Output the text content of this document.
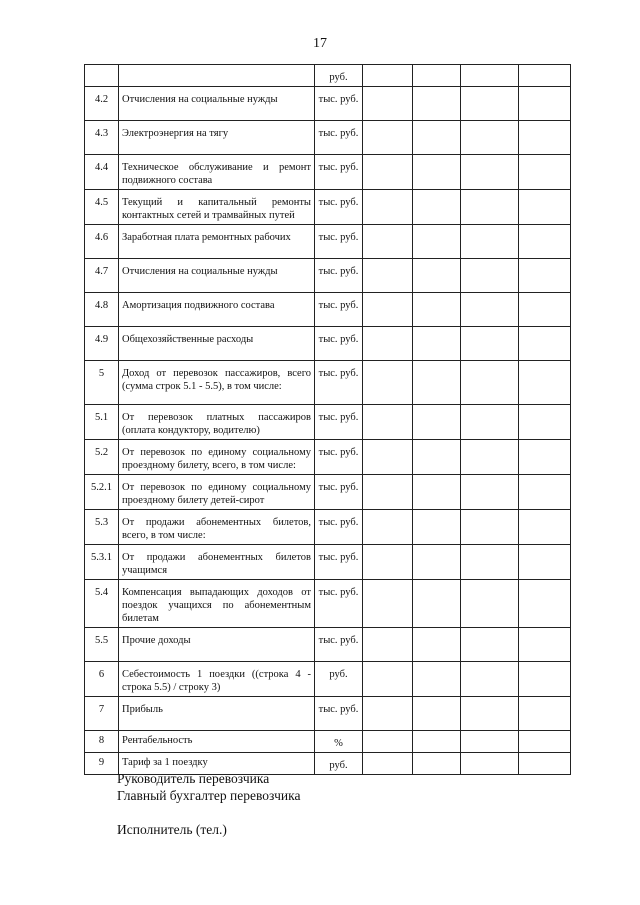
17
		руб.				
4.2	Отчисления на социальные нужды	тыс. руб.				
4.3	Электроэнергия на тягу	тыс. руб.				
4.4	Техническое обслуживание и ремонт подвижного состава	тыс. руб.				
4.5	Текущий и капитальный ремонты контактных сетей и трамвайных путей	тыс. руб.				
4.6	Заработная плата ремонтных рабочих	тыс. руб.				
4.7	Отчисления на социальные нужды	тыс. руб.				
4.8	Амортизация подвижного состава	тыс. руб.				
4.9	Общехозяйственные расходы	тыс. руб.				
5	Доход от перевозок пассажиров, всего (сумма строк 5.1 - 5.5), в том числе:	тыс. руб.				
5.1	От перевозок платных пассажиров (оплата кондуктору, водителю)	тыс. руб.				
5.2	От перевозок по единому социальному проездному билету, всего, в том числе:	тыс. руб.				
5.2.1	От перевозок по единому социальному проездному билету детей-сирот	тыс. руб.				
5.3	От продажи абонементных билетов, всего, в том числе:	тыс. руб.				
5.3.1	От продажи абонементных билетов учащимся	тыс. руб.				
5.4	Компенсация выпадающих доходов от поездок учащихся по абонементным билетам	тыс. руб.				
5.5	Прочие доходы	тыс. руб.				
6	Себестоимость 1 поездки ((строка 4 - строка 5.5) / строку 3)	руб.				
7	Прибыль	тыс. руб.				
8	Рентабельность	%				
9	Тариф за 1 поездку	руб.				
Руководитель перевозчика
Главный бухгалтер перевозчика
Исполнитель (тел.)
